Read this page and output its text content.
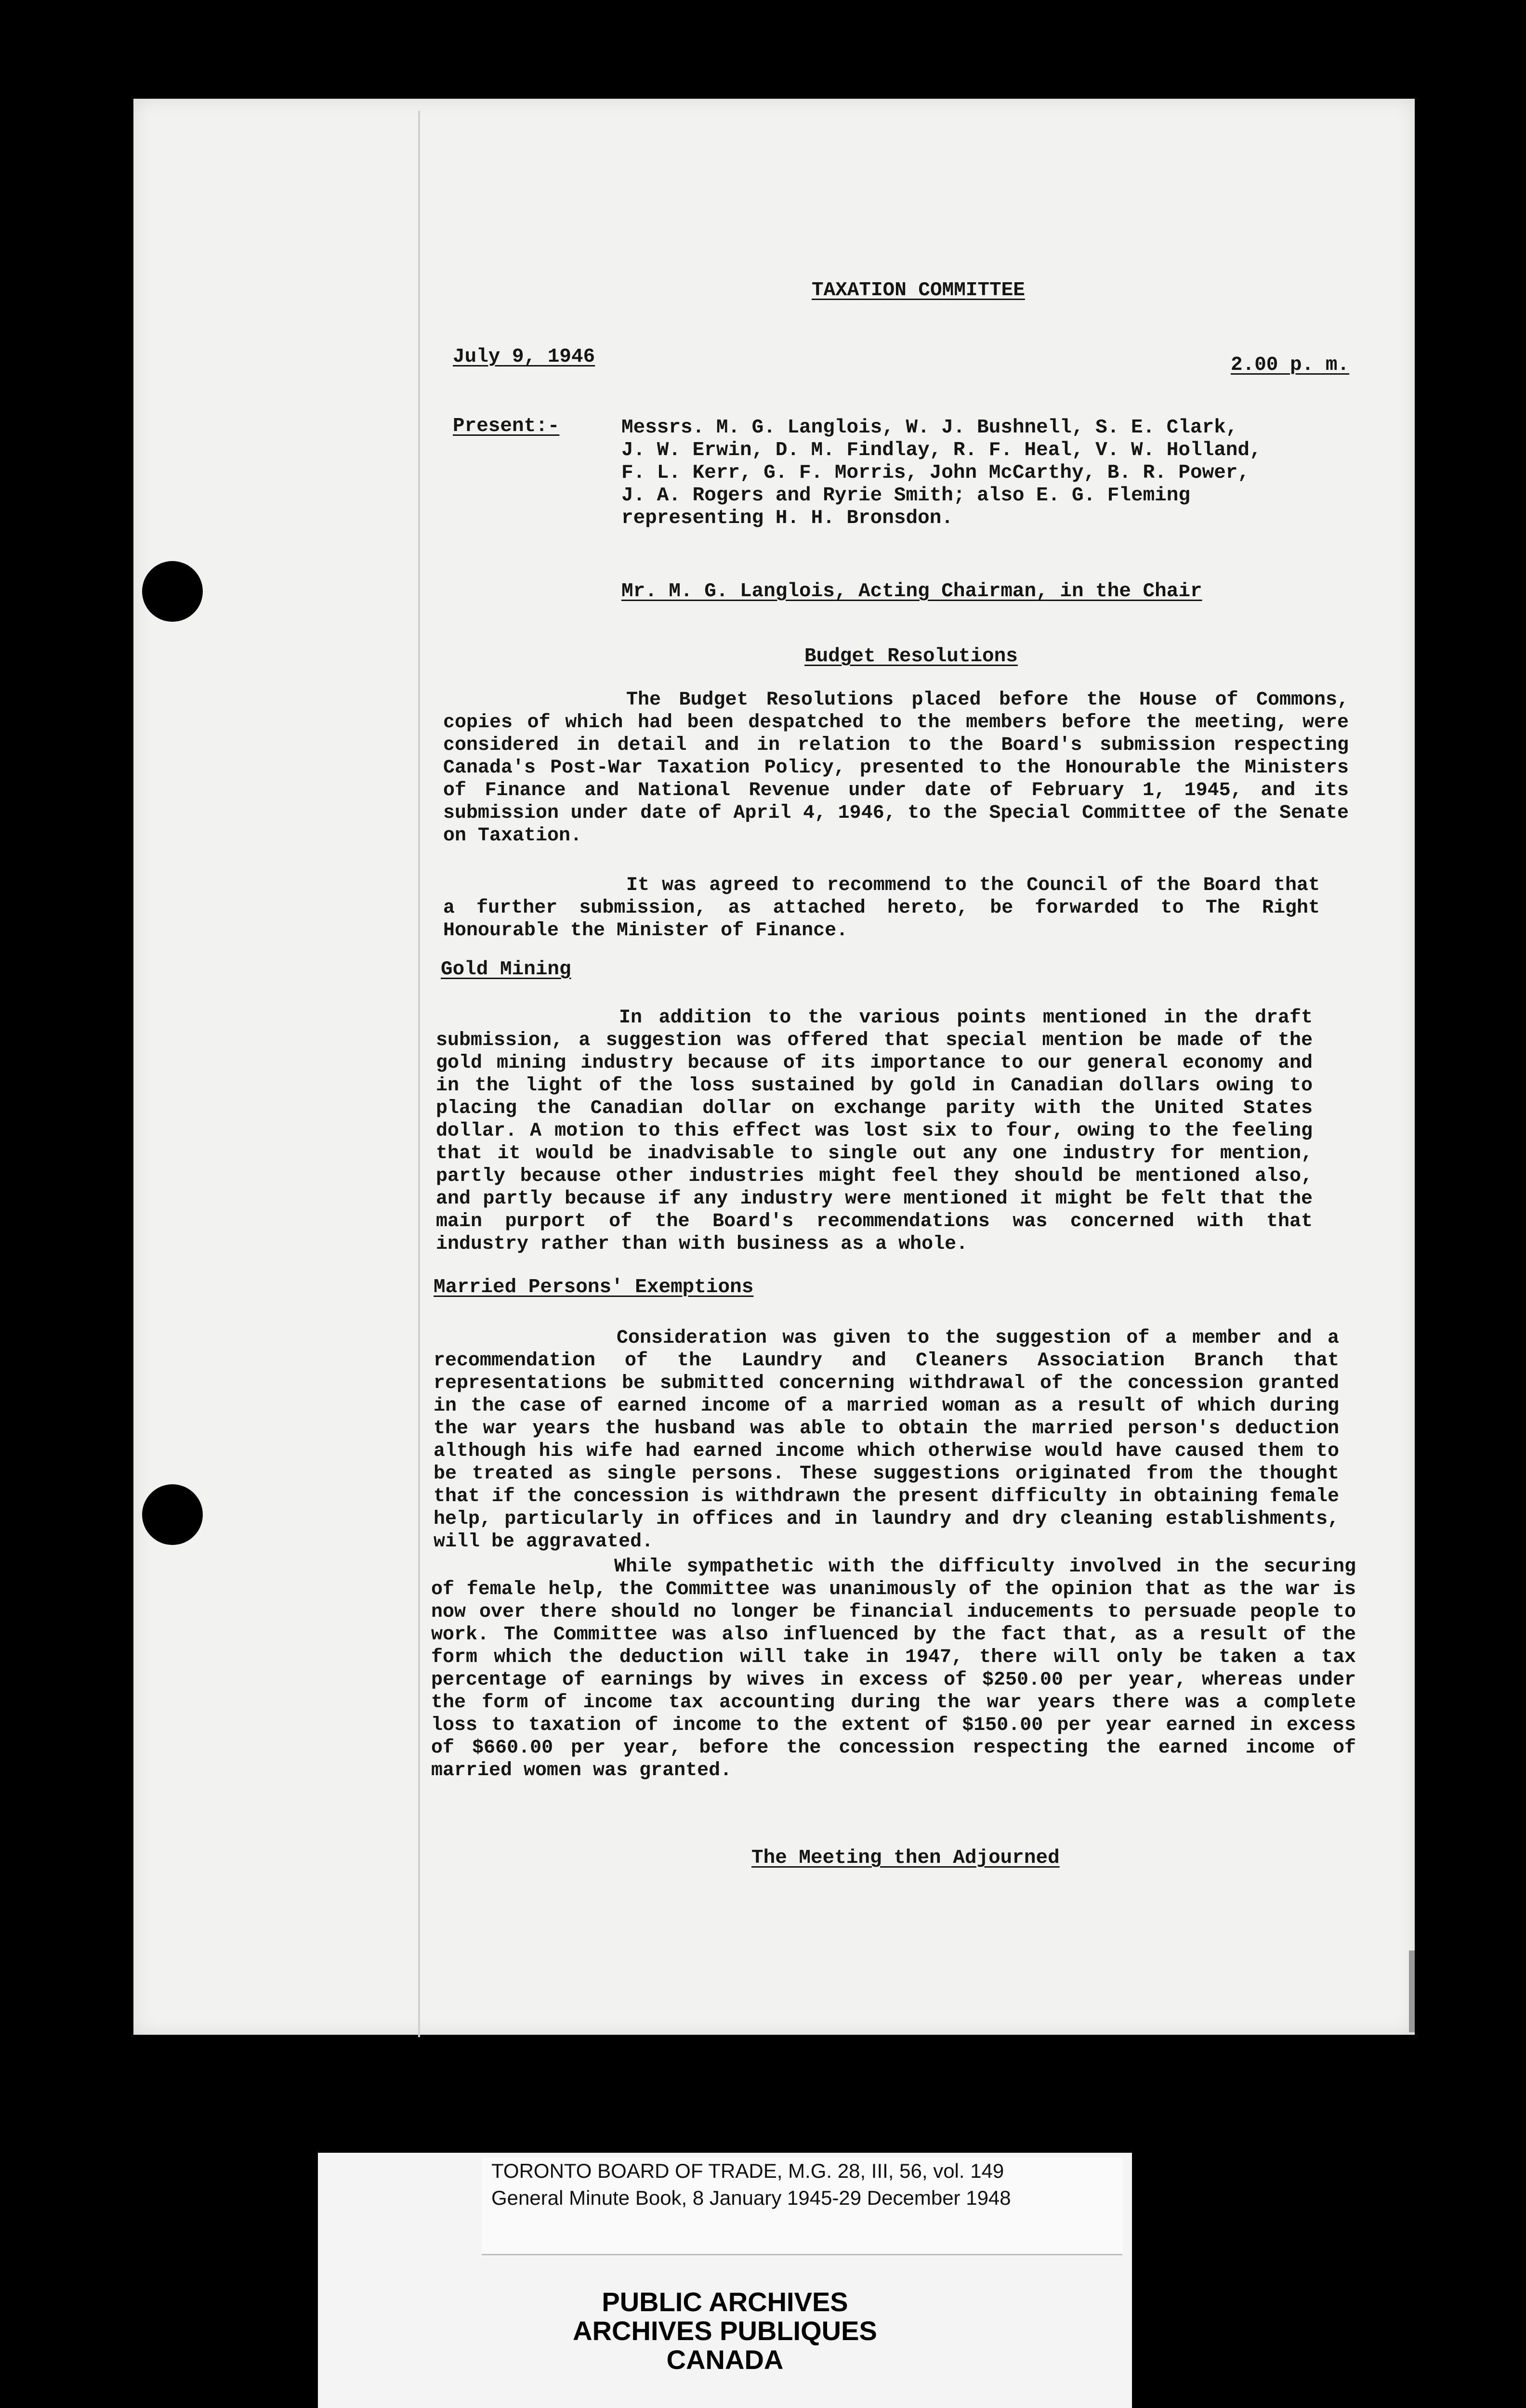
TAXATION COMMITTEE
July 9, 1946	2.00 p. m.
Present:-	Messrs. M. G. Langlois, W. J. Bushnell, S. E. Clark,
J. W. Erwin, D. M. Findlay, R. F. Heal, V. W. Holland,
F. L. Kerr, G. F. Morris, John McCarthy, B. R. Power,
J. A. Rogers and Ryrie Smith; also E. G. Fleming
representing H. H. Bronsdon.
Mr. M. G. Langlois, Acting Chairman, in the Chair
Budget Resolutions
The Budget Resolutions placed before the House of Commons, copies of which had been despatched to the members before the meeting, were considered in detail and in relation to the Board's submission respecting Canada's Post-War Taxation Policy, presented to the Honourable the Ministers of Finance and National Revenue under date of February 1, 1945, and its submission under date of April 4, 1946, to the Special Committee of the Senate on Taxation.
It was agreed to recommend to the Council of the Board that a further submission, as attached hereto, be forwarded to The Right Honourable the Minister of Finance.
Gold Mining
In addition to the various points mentioned in the draft submission, a suggestion was offered that special mention be made of the gold mining industry because of its importance to our general economy and in the light of the loss sustained by gold in Canadian dollars owing to placing the Canadian dollar on exchange parity with the United States dollar. A motion to this effect was lost six to four, owing to the feeling that it would be inadvisable to single out any one industry for mention, partly because other industries might feel they should be mentioned also, and partly because if any industry were mentioned it might be felt that the main purport of the Board's recommendations was concerned with that industry rather than with business as a whole.
Married Persons' Exemptions
Consideration was given to the suggestion of a member and a recommendation of the Laundry and Cleaners Association Branch that representations be submitted concerning withdrawal of the concession granted in the case of earned income of a married woman as a result of which during the war years the husband was able to obtain the married person's deduction although his wife had earned income which otherwise would have caused them to be treated as single persons. These suggestions originated from the thought that if the concession is withdrawn the present difficulty in obtaining female help, particularly in offices and in laundry and dry cleaning establishments, will be aggravated.
While sympathetic with the difficulty involved in the securing of female help, the Committee was unanimously of the opinion that as the war is now over there should no longer be financial inducements to persuade people to work. The Committee was also influenced by the fact that, as a result of the form which the deduction will take in 1947, there will only be taken a tax percentage of earnings by wives in excess of $250.00 per year, whereas under the form of income tax accounting during the war years there was a complete loss to taxation of income to the extent of $150.00 per year earned in excess of $660.00 per year, before the concession respecting the earned income of married women was granted.
The Meeting then Adjourned
TORONTO BOARD OF TRADE, M.G. 28, III, 56, vol. 149
General Minute Book, 8 January 1945-29 December 1948
PUBLIC ARCHIVES
ARCHIVES PUBLIQUES
CANADA
